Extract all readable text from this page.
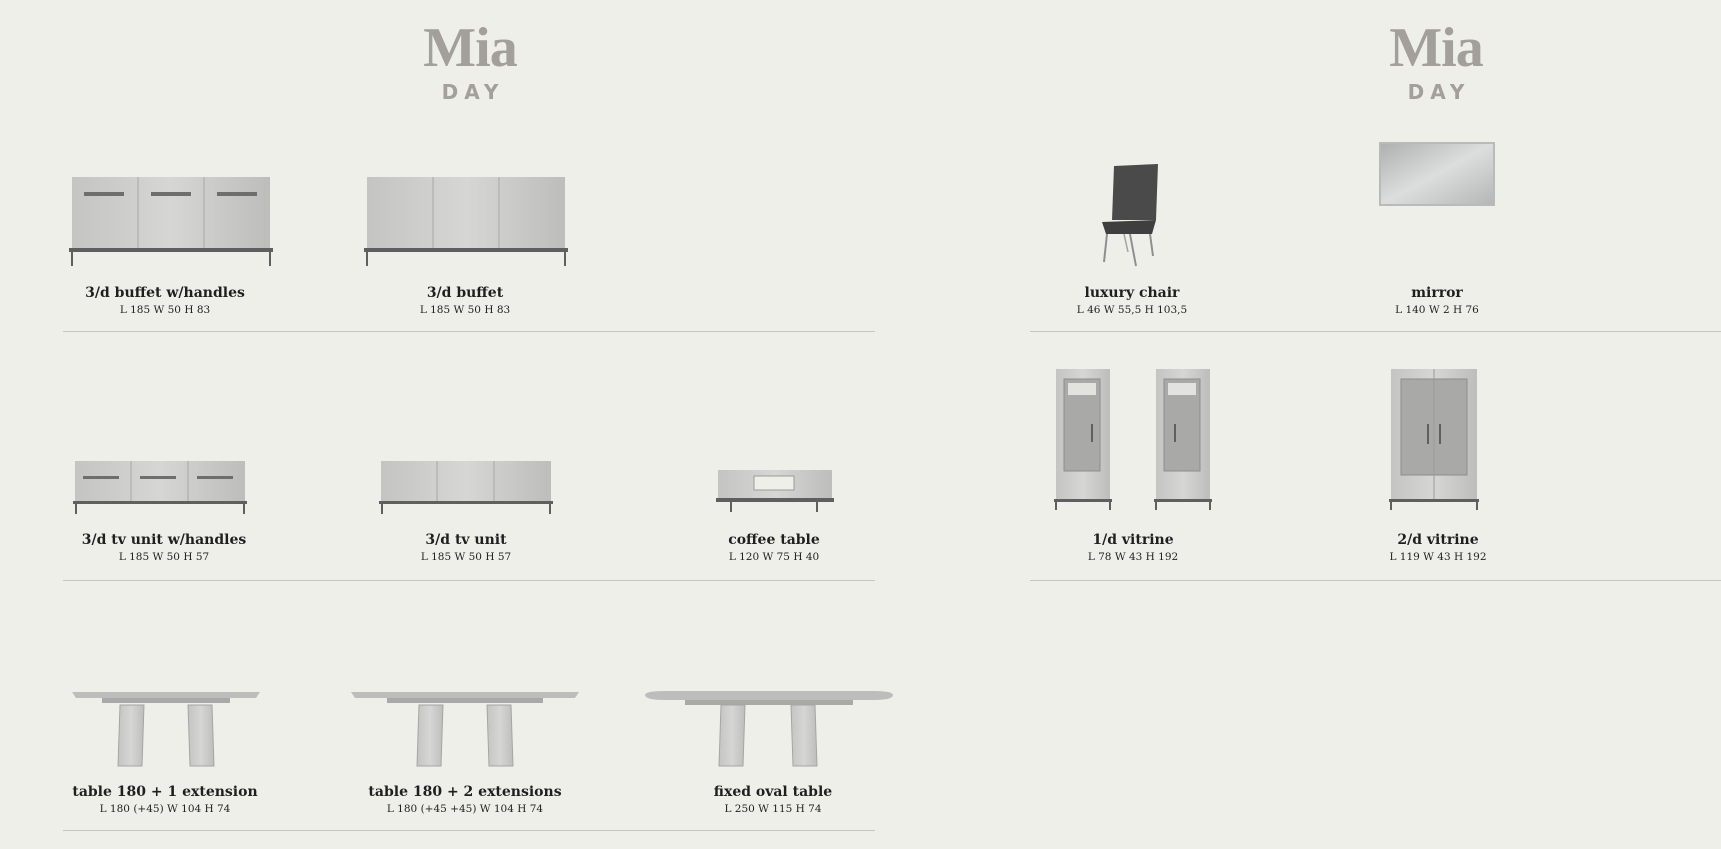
Mia
DAY
Mia
DAY
3/d buffet w/handles
L 185 W 50 H 83
3/d buffet
L 185 W 50 H 83
luxury chair
L 46 W 55,5 H 103,5
mirror
L 140 W 2 H 76
3/d tv unit w/handles
L 185 W 50 H 57
3/d tv unit
L 185 W 50 H 57
coffee table
L 120 W 75 H 40
1/d vitrine
L 78 W 43 H 192
2/d vitrine
L 119 W 43 H 192
table 180 + 1 extension
L 180 (+45) W 104 H 74
table 180 + 2 extensions
L 180 (+45 +45) W 104 H 74
fixed oval table
L 250 W 115 H 74
